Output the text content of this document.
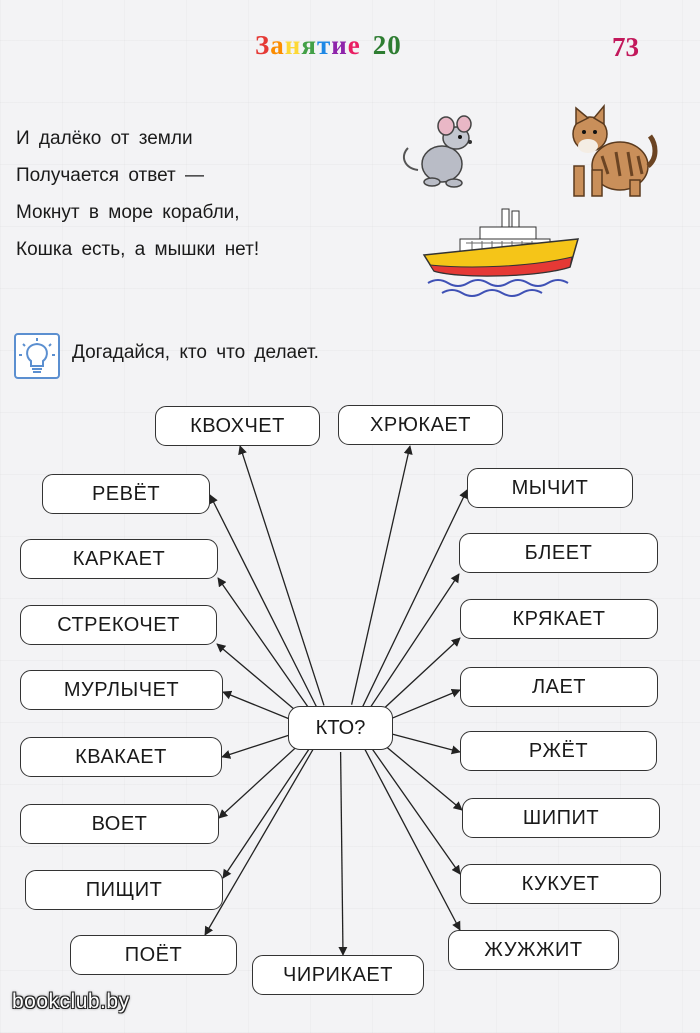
Занятие 20	73
И далёко от земли
Получается ответ —
Мокнут в море корабли,
Кошка есть, а мышки нет!
Догадайся, кто что делает.
КВОХЧЕТ	ХРЮКАЕТ
РЕВЁТ	МЫЧИТ
КАРКАЕТ	БЛЕЕТ
СТРЕКОЧЕТ	КРЯКАЕТ
МУРЛЫЧЕТ	ЛАЕТ
КВАКАЕТ	РЖЁТ
ВОЕТ	ШИПИТ
ПИЩИТ	КУКУЕТ
ПОЁТ	ЖУЖЖИТ
ЧИРИКАЕТ
КТО?
bookclub.by
